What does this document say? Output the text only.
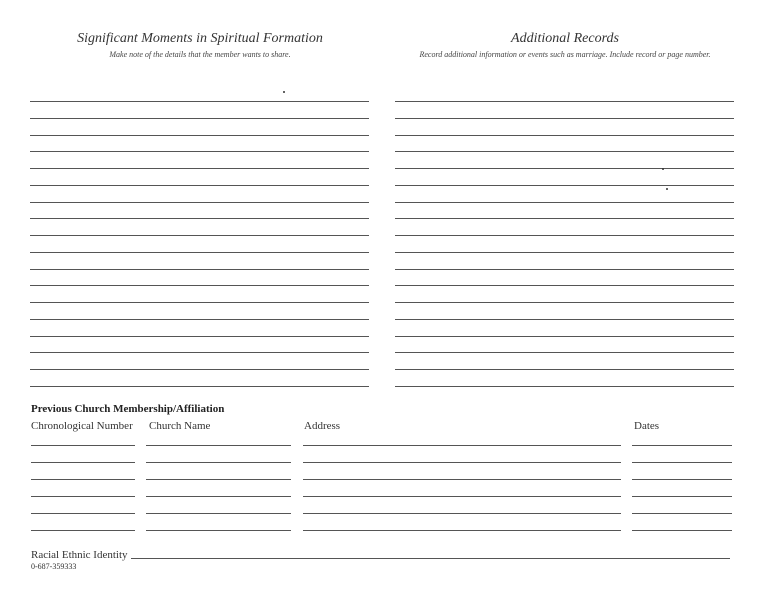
Significant Moments in Spiritual Formation
Make note of the details that the member wants to share.
Additional Records
Record additional information or events such as marriage. Include record or page number.
Previous Church Membership/Affiliation
Chronological Number Church Name	Address	Dates
Racial Ethnic Identity
0-687-359333
